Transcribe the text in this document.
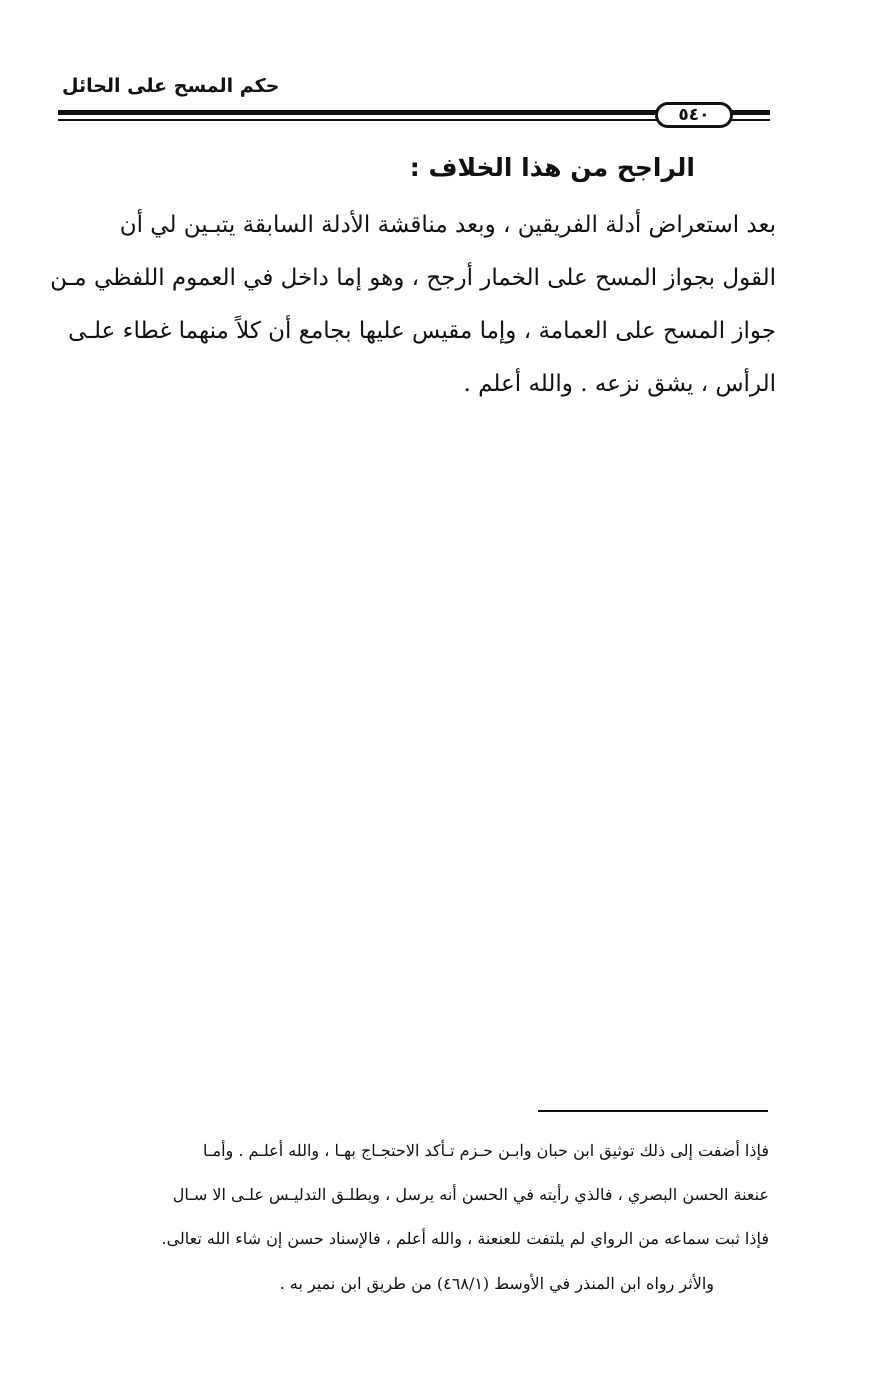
حكم المسح على الحائل
٥٤٠
الراجح من هذا الخلاف :

بعد استعراض أدلة الفريقين ، وبعد مناقشة الأدلة السابقة يتبـين لي أن

القول بجواز المسح على الخمار أرجح ، وهو إما داخل في العموم اللفظي مـن

جواز المسح على العمامة ، وإما مقيس عليها بجامع أن كلاً منهما غطاء علـى

الرأس ، يشق نزعه . والله أعلم .

فإذا أضفت إلى ذلك توثيق ابن حبان وابـن حـزم تـأكد الاحتجـاج بهـا ، والله أعلـم . وأمـا

عنعنة الحسن البصري ، فالذي رأيته في الحسن أنه يرسل ، ويطلـق التدليـس علـى الا سـال

فإذا ثبت سماعه من الرواي لم يلتفت للعنعنة ، والله أعلم ، فالإسناد حسن إن شاء الله تعالى.

والأثر رواه ابن المنذر في الأوسط (٤٦٨/١) من طريق ابن نمير به .
